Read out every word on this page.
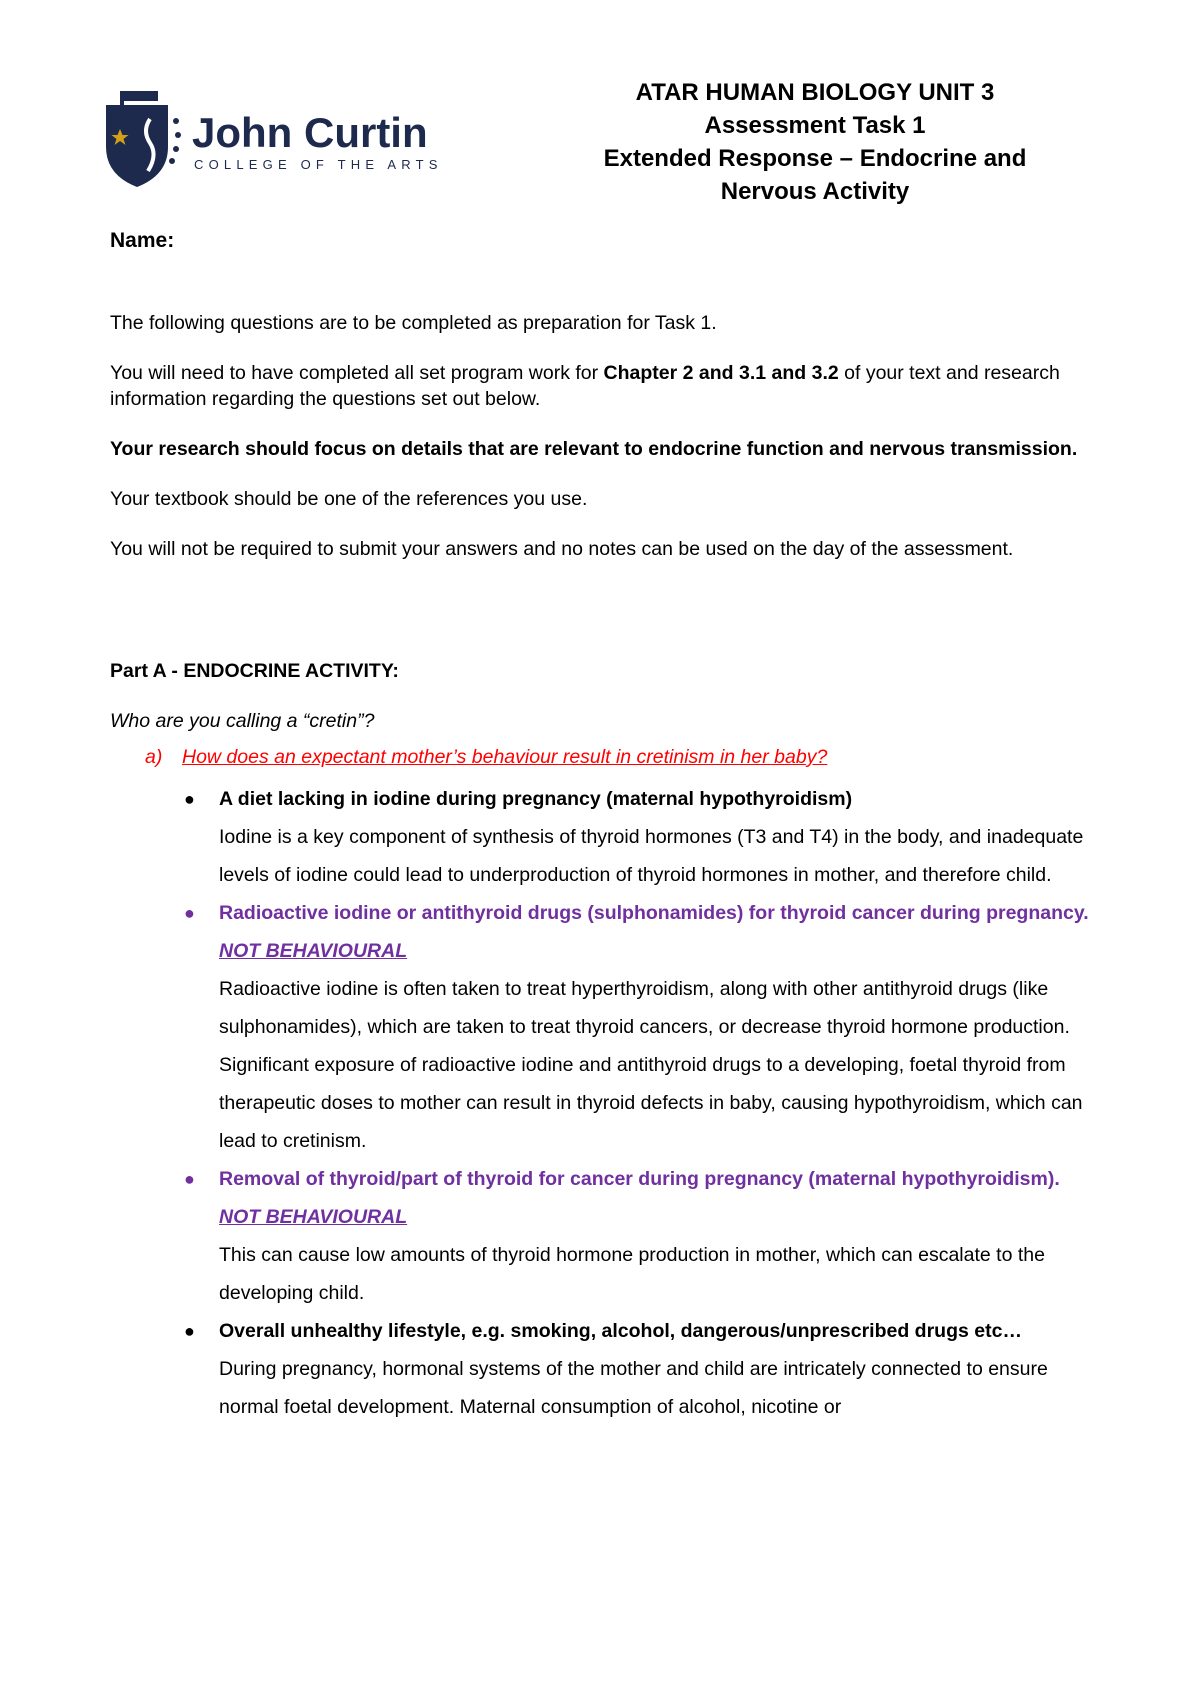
John Curtin
COLLEGE OF THE ARTS
ATAR HUMAN BIOLOGY UNIT 3
Assessment Task 1
Extended Response – Endocrine and
Nervous Activity

Name:

The following questions are to be completed as preparation for Task 1.

You will need to have completed all set program work for Chapter 2 and 3.1 and 3.2 of your text and research information regarding the questions set out below.

Your research should focus on details that are relevant to endocrine function and nervous transmission.

Your textbook should be one of the references you use.

You will not be required to submit your answers and no notes can be used on the day of the assessment.

Part A - ENDOCRINE ACTIVITY:

Who are you calling a “cretin”?

a) How does an expectant mother’s behaviour result in cretinism in her baby?

● A diet lacking in iodine during pregnancy (maternal hypothyroidism)
Iodine is a key component of synthesis of thyroid hormones (T3 and T4) in the body, and inadequate levels of iodine could lead to underproduction of thyroid hormones in mother, and therefore child.
● Radioactive iodine or antithyroid drugs (sulphonamides) for thyroid cancer during pregnancy. NOT BEHAVIOURAL
Radioactive iodine is often taken to treat hyperthyroidism, along with other antithyroid drugs (like sulphonamides), which are taken to treat thyroid cancers, or decrease thyroid hormone production. Significant exposure of radioactive iodine and antithyroid drugs to a developing, foetal thyroid from therapeutic doses to mother can result in thyroid defects in baby, causing hypothyroidism, which can lead to cretinism.
● Removal of thyroid/part of thyroid for cancer during pregnancy (maternal hypothyroidism). NOT BEHAVIOURAL
This can cause low amounts of thyroid hormone production in mother, which can escalate to the developing child.
● Overall unhealthy lifestyle, e.g. smoking, alcohol, dangerous/unprescribed drugs etc…
During pregnancy, hormonal systems of the mother and child are intricately connected to ensure normal foetal development. Maternal consumption of alcohol, nicotine or
